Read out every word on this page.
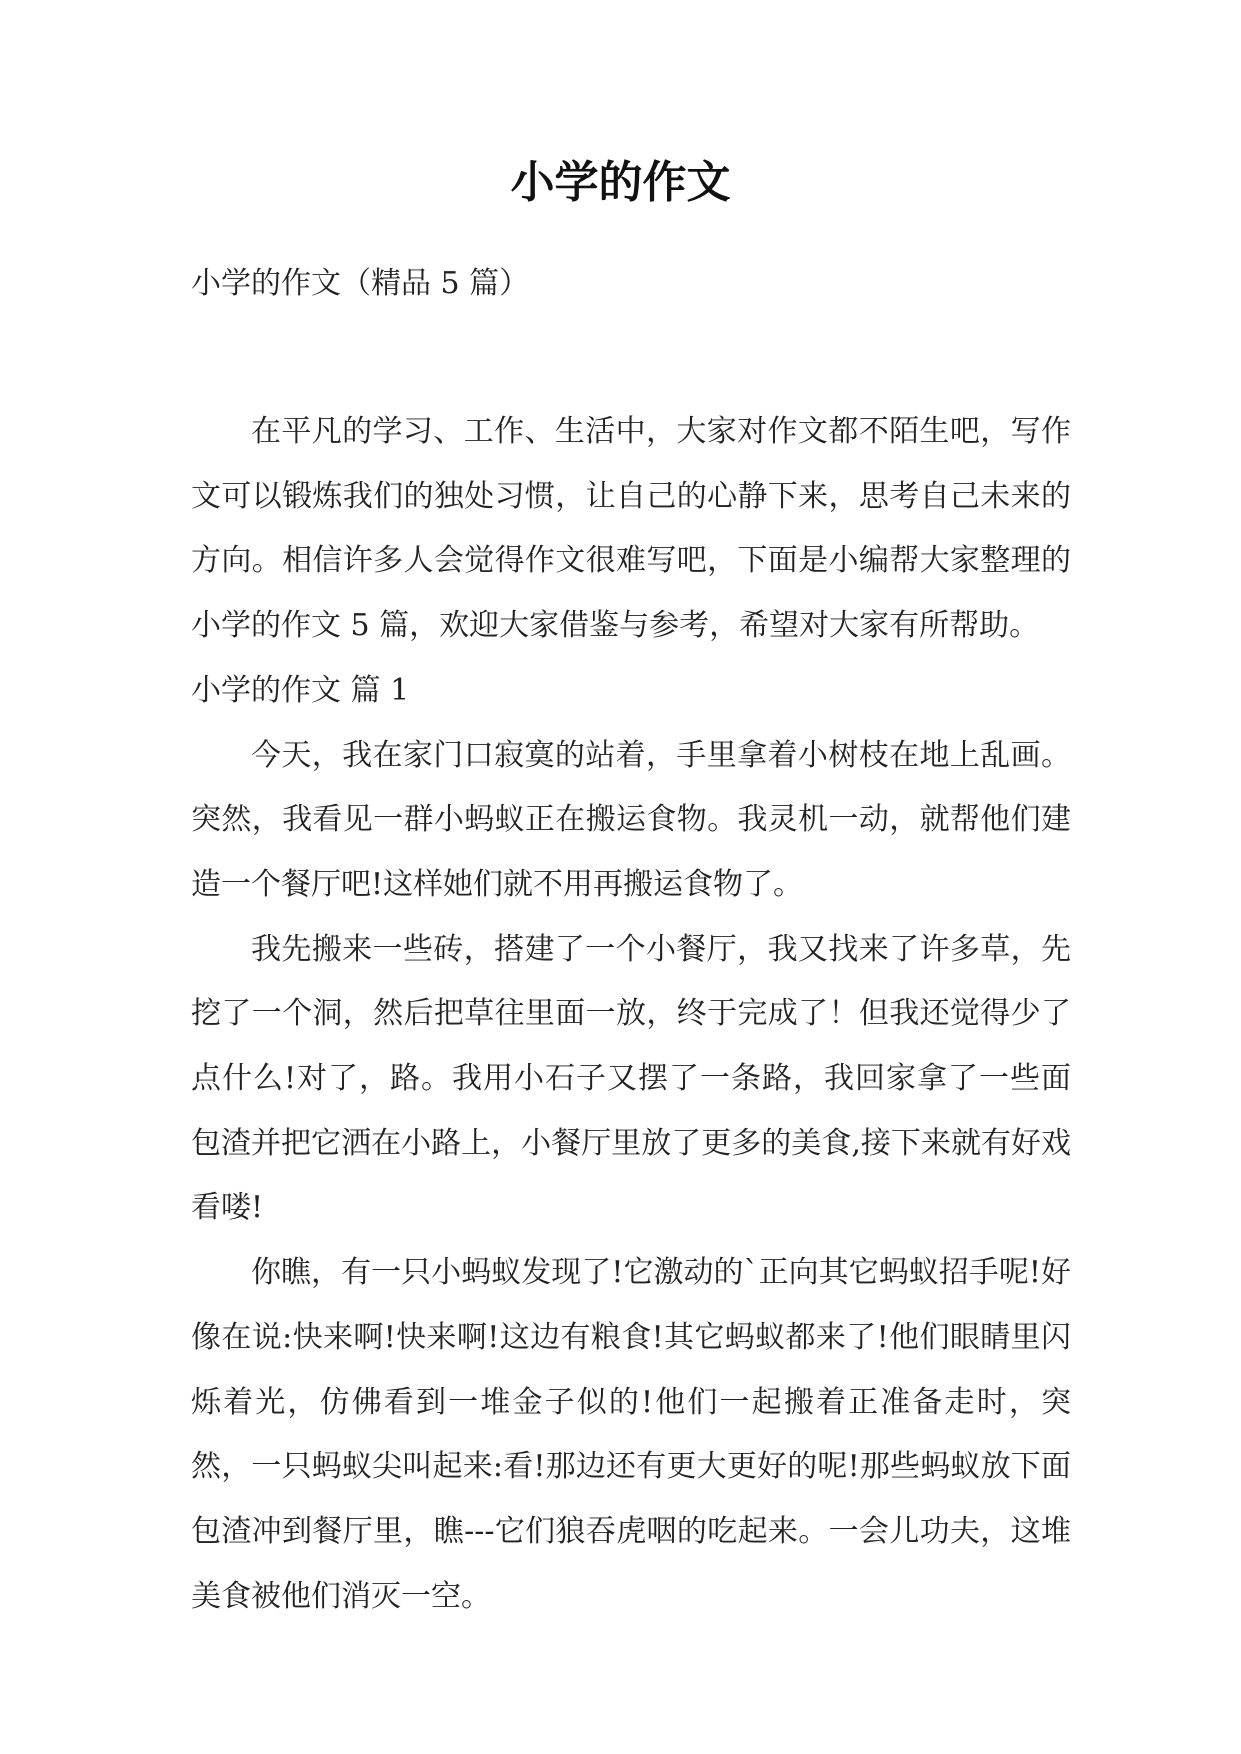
小学的作文

小学的作文（精品 5 篇）

在平凡的学习、工作、生活中，大家对作文都不陌生吧，写作文可以锻炼我们的独处习惯，让自己的心静下来，思考自己未来的方向。相信许多人会觉得作文很难写吧，下面是小编帮大家整理的小学的作文 5 篇，欢迎大家借鉴与参考，希望对大家有所帮助。

小学的作文 篇 1

今天，我在家门口寂寞的站着，手里拿着小树枝在地上乱画。突然，我看见一群小蚂蚁正在搬运食物。我灵机一动，就帮他们建造一个餐厅吧!这样她们就不用再搬运食物了。

我先搬来一些砖，搭建了一个小餐厅，我又找来了许多草，先挖了一个洞，然后把草往里面一放，终于完成了！但我还觉得少了点什么!对了，路。我用小石子又摆了一条路，我回家拿了一些面包渣并把它洒在小路上，小餐厅里放了更多的美食,接下来就有好戏看喽!

你瞧，有一只小蚂蚁发现了!它激动的`正向其它蚂蚁招手呢!好像在说:快来啊!快来啊!这边有粮食!其它蚂蚁都来了!他们眼睛里闪烁着光，仿佛看到一堆金子似的!他们一起搬着正准备走时，突然，一只蚂蚁尖叫起来:看!那边还有更大更好的呢!那些蚂蚁放下面包渣冲到餐厅里，瞧---它们狼吞虎咽的吃起来。一会儿功夫，这堆美食被他们消灭一空。
